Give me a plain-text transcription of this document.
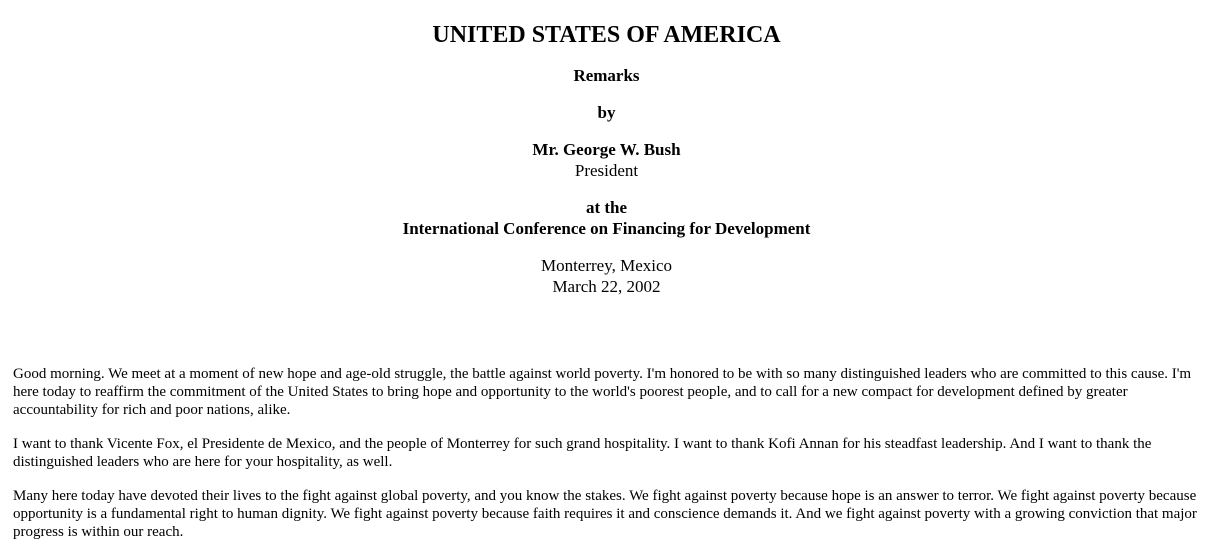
UNITED STATES OF AMERICA
Remarks
by
Mr. George W. Bush
President
at the
International Conference on Financing for Development
Monterrey, Mexico
March 22, 2002

Good morning. We meet at a moment of new hope and age-old struggle, the battle against world poverty. I'm honored to be with so many distinguished leaders who are committed to this cause. I'm here today to reaffirm the commitment of the United States to bring hope and opportunity to the world's poorest people, and to call for a new compact for development defined by greater accountability for rich and poor nations, alike.

I want to thank Vicente Fox, el Presidente de Mexico, and the people of Monterrey for such grand hospitality. I want to thank Kofi Annan for his steadfast leadership. And I want to thank the distinguished leaders who are here for your hospitality, as well.

Many here today have devoted their lives to the fight against global poverty, and you know the stakes. We fight against poverty because hope is an answer to terror. We fight against poverty because opportunity is a fundamental right to human dignity. We fight against poverty because faith requires it and conscience demands it. And we fight against poverty with a growing conviction that major progress is within our reach.
